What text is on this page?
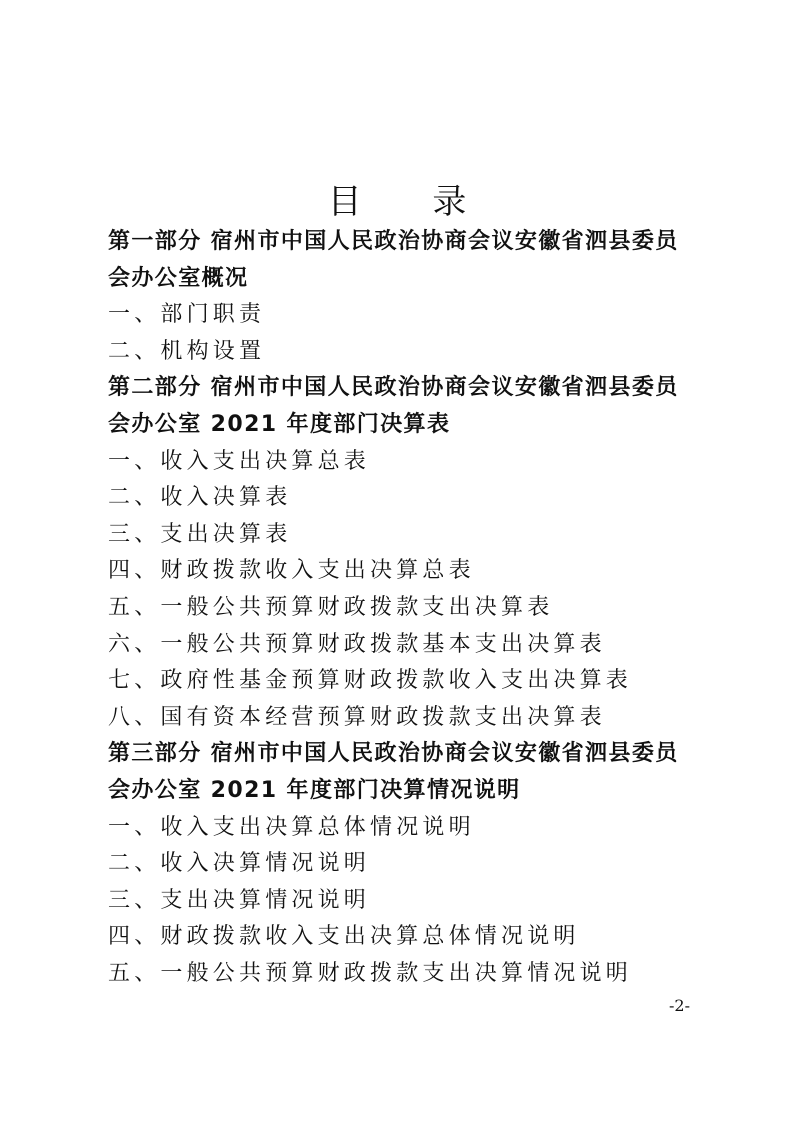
目 录
第一部分 宿州市中国人民政治协商会议安徽省泗县委员
会办公室概况
一、部门职责
二、机构设置
第二部分 宿州市中国人民政治协商会议安徽省泗县委员
会办公室 2021 年度部门决算表
一、收入支出决算总表
二、收入决算表
三、支出决算表
四、财政拨款收入支出决算总表
五、一般公共预算财政拨款支出决算表
六、一般公共预算财政拨款基本支出决算表
七、政府性基金预算财政拨款收入支出决算表
八、国有资本经营预算财政拨款支出决算表
第三部分 宿州市中国人民政治协商会议安徽省泗县委员
会办公室 2021 年度部门决算情况说明
一、收入支出决算总体情况说明
二、收入决算情况说明
三、支出决算情况说明
四、财政拨款收入支出决算总体情况说明
五、一般公共预算财政拨款支出决算情况说明
-2-
